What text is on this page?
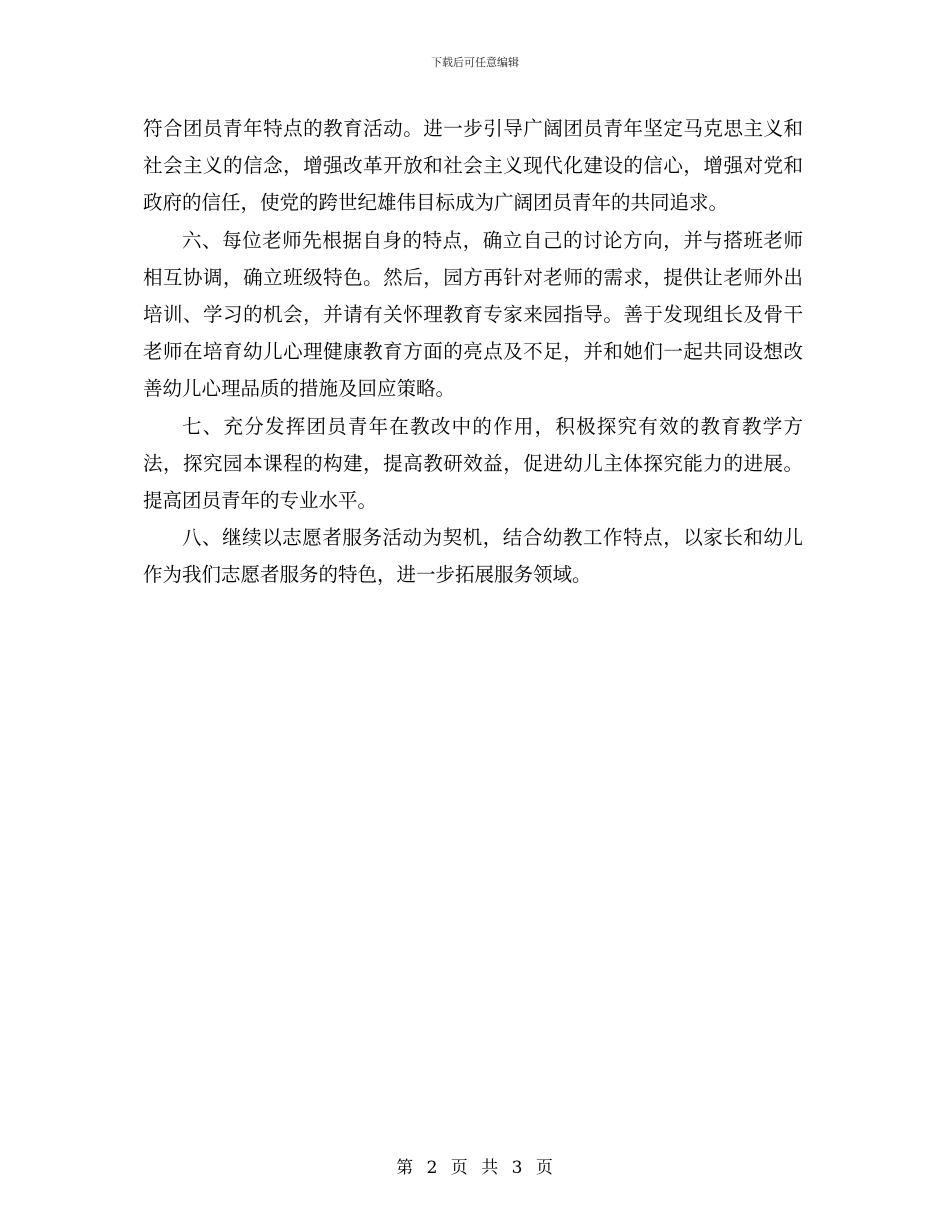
下载后可任意编辑

符合团员青年特点的教育活动。进一步引导广阔团员青年坚定马克思主义和社会主义的信念，增强改革开放和社会主义现代化建设的信心，增强对党和政府的信任，使党的跨世纪雄伟目标成为广阔团员青年的共同追求。

六、每位老师先根据自身的特点，确立自己的讨论方向，并与搭班老师相互协调，确立班级特色。然后，园方再针对老师的需求，提供让老师外出培训、学习的机会，并请有关怀理教育专家来园指导。善于发现组长及骨干老师在培育幼儿心理健康教育方面的亮点及不足，并和她们一起共同设想改善幼儿心理品质的措施及回应策略。

七、充分发挥团员青年在教改中的作用，积极探究有效的教育教学方法，探究园本课程的构建，提高教研效益，促进幼儿主体探究能力的进展。提高团员青年的专业水平。

八、继续以志愿者服务活动为契机，结合幼教工作特点，以家长和幼儿作为我们志愿者服务的特色，进一步拓展服务领域。

第 2 页 共 3 页
